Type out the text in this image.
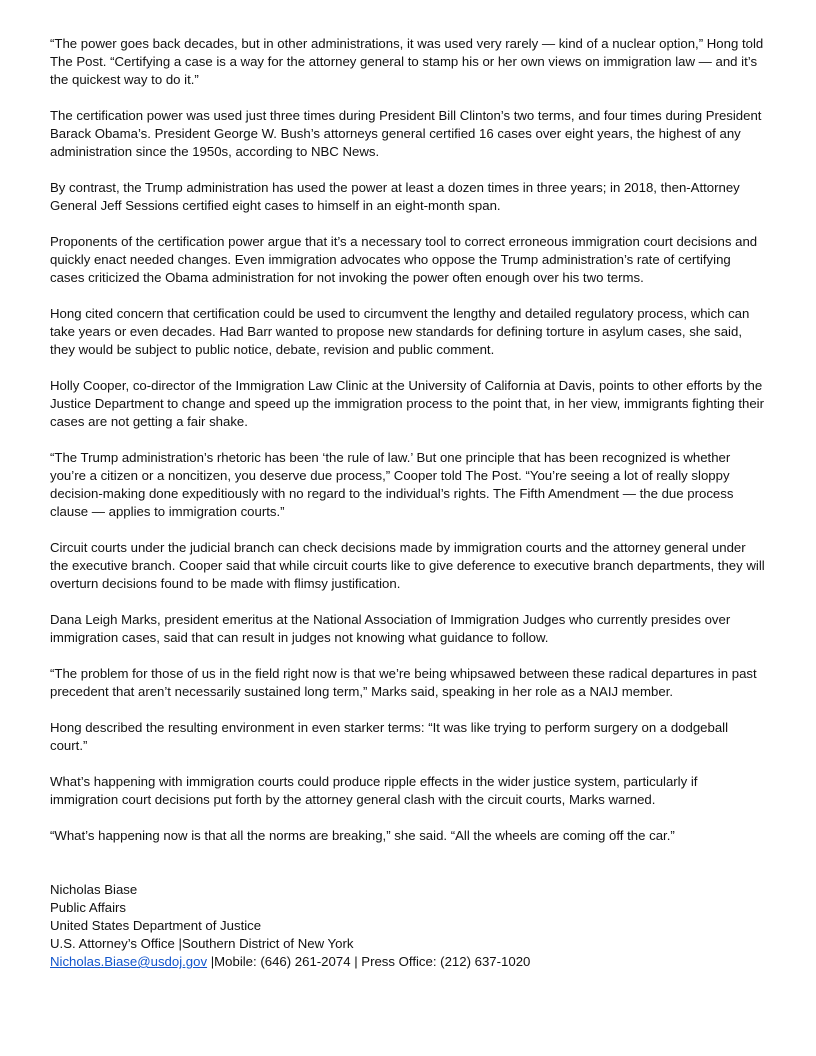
“The power goes back decades, but in other administrations, it was used very rarely — kind of a nuclear option,” Hong told The Post. “Certifying a case is a way for the attorney general to stamp his or her own views on immigration law — and it’s the quickest way to do it.”

The certification power was used just three times during President Bill Clinton’s two terms, and four times during President Barack Obama’s. President George W. Bush’s attorneys general certified 16 cases over eight years, the highest of any administration since the 1950s, according to NBC News.

By contrast, the Trump administration has used the power at least a dozen times in three years; in 2018, then-Attorney General Jeff Sessions certified eight cases to himself in an eight-month span.

Proponents of the certification power argue that it’s a necessary tool to correct erroneous immigration court decisions and quickly enact needed changes. Even immigration advocates who oppose the Trump administration’s rate of certifying cases criticized the Obama administration for not invoking the power often enough over his two terms.

Hong cited concern that certification could be used to circumvent the lengthy and detailed regulatory process, which can take years or even decades. Had Barr wanted to propose new standards for defining torture in asylum cases, she said, they would be subject to public notice, debate, revision and public comment.

Holly Cooper, co-director of the Immigration Law Clinic at the University of California at Davis, points to other efforts by the Justice Department to change and speed up the immigration process to the point that, in her view, immigrants fighting their cases are not getting a fair shake.

“The Trump administration’s rhetoric has been ‘the rule of law.’ But one principle that has been recognized is whether you’re a citizen or a noncitizen, you deserve due process,” Cooper told The Post. “You’re seeing a lot of really sloppy decision-making done expeditiously with no regard to the individual’s rights. The Fifth Amendment — the due process clause — applies to immigration courts.”

Circuit courts under the judicial branch can check decisions made by immigration courts and the attorney general under the executive branch. Cooper said that while circuit courts like to give deference to executive branch departments, they will overturn decisions found to be made with flimsy justification.

Dana Leigh Marks, president emeritus at the National Association of Immigration Judges who currently presides over immigration cases, said that can result in judges not knowing what guidance to follow.

“The problem for those of us in the field right now is that we’re being whipsawed between these radical departures in past precedent that aren’t necessarily sustained long term,” Marks said, speaking in her role as a NAIJ member.

Hong described the resulting environment in even starker terms: “It was like trying to perform surgery on a dodgeball court.”

What’s happening with immigration courts could produce ripple effects in the wider justice system, particularly if immigration court decisions put forth by the attorney general clash with the circuit courts, Marks warned.

“What’s happening now is that all the norms are breaking,” she said. “All the wheels are coming off the car.”

Nicholas Biase
Public Affairs
United States Department of Justice
U.S. Attorney’s Office |Southern District of New York
Nicholas.Biase@usdoj.gov |Mobile: (646) 261-2074 | Press Office: (212) 637-1020
